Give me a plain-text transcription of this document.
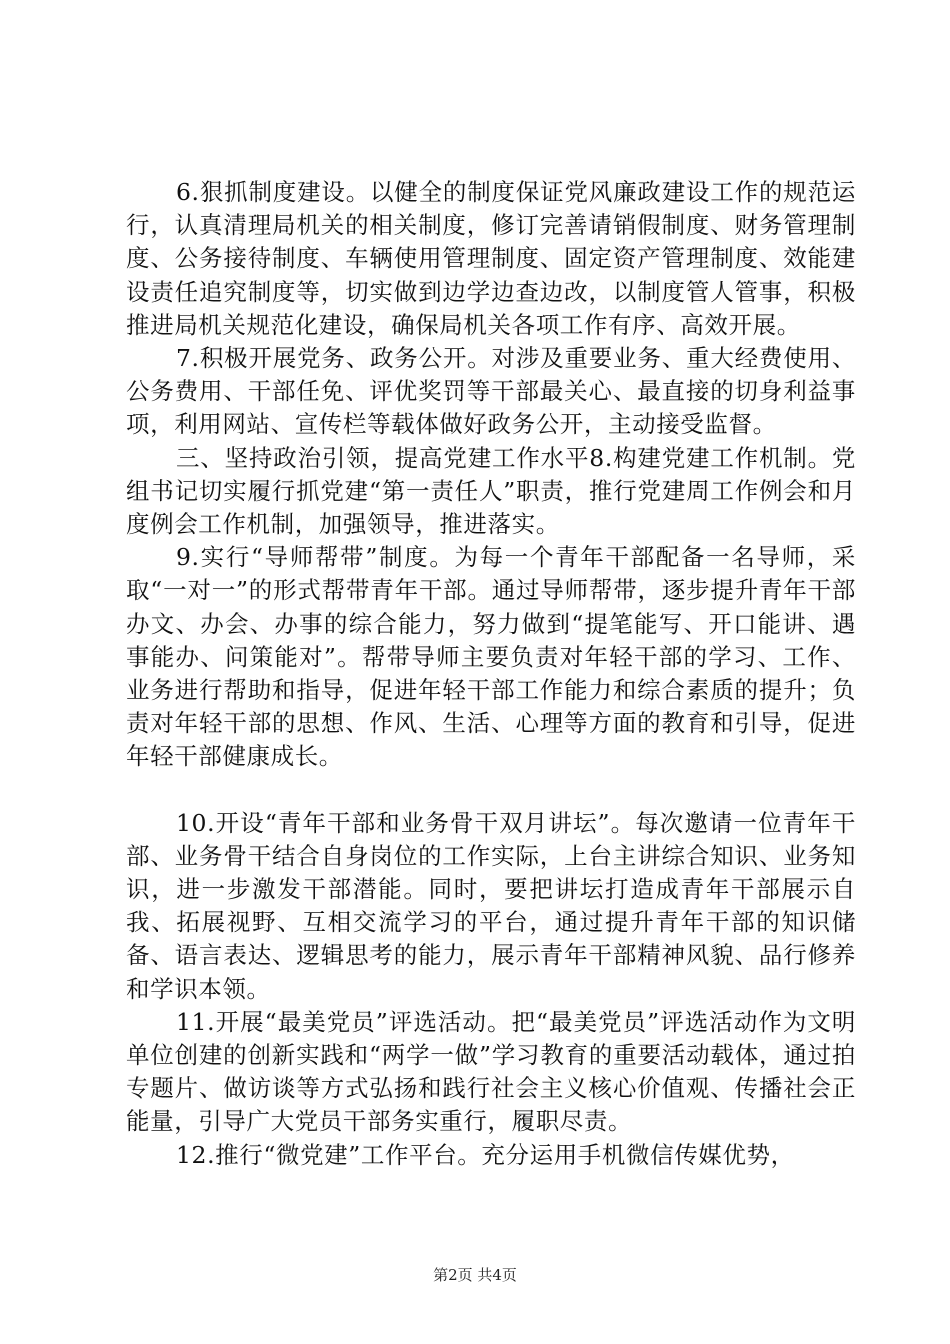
6.狠抓制度建设。以健全的制度保证党风廉政建设工作的规范运行，认真清理局机关的相关制度，修订完善请销假制度、财务管理制度、公务接待制度、车辆使用管理制度、固定资产管理制度、效能建设责任追究制度等，切实做到边学边查边改，以制度管人管事，积极推进局机关规范化建设，确保局机关各项工作有序、高效开展。

7.积极开展党务、政务公开。对涉及重要业务、重大经费使用、公务费用、干部任免、评优奖罚等干部最关心、最直接的切身利益事项，利用网站、宣传栏等载体做好政务公开，主动接受监督。

三、坚持政治引领，提高党建工作水平8.构建党建工作机制。党组书记切实履行抓党建“第一责任人”职责，推行党建周工作例会和月度例会工作机制，加强领导，推进落实。

9.实行“导师帮带”制度。为每一个青年干部配备一名导师，采取“一对一”的形式帮带青年干部。通过导师帮带，逐步提升青年干部办文、办会、办事的综合能力，努力做到“提笔能写、开口能讲、遇事能办、问策能对”。帮带导师主要负责对年轻干部的学习、工作、业务进行帮助和指导，促进年轻干部工作能力和综合素质的提升；负责对年轻干部的思想、作风、生活、心理等方面的教育和引导，促进年轻干部健康成长。

10.开设“青年干部和业务骨干双月讲坛”。每次邀请一位青年干部、业务骨干结合自身岗位的工作实际，上台主讲综合知识、业务知识，进一步激发干部潜能。同时，要把讲坛打造成青年干部展示自我、拓展视野、互相交流学习的平台，通过提升青年干部的知识储备、语言表达、逻辑思考的能力，展示青年干部精神风貌、品行修养和学识本领。

11.开展“最美党员”评选活动。把“最美党员”评选活动作为文明单位创建的创新实践和“两学一做”学习教育的重要活动载体，通过拍专题片、做访谈等方式弘扬和践行社会主义核心价值观、传播社会正能量，引导广大党员干部务实重行，履职尽责。

12.推行“微党建”工作平台。充分运用手机微信传媒优势，

第2页 共4页
